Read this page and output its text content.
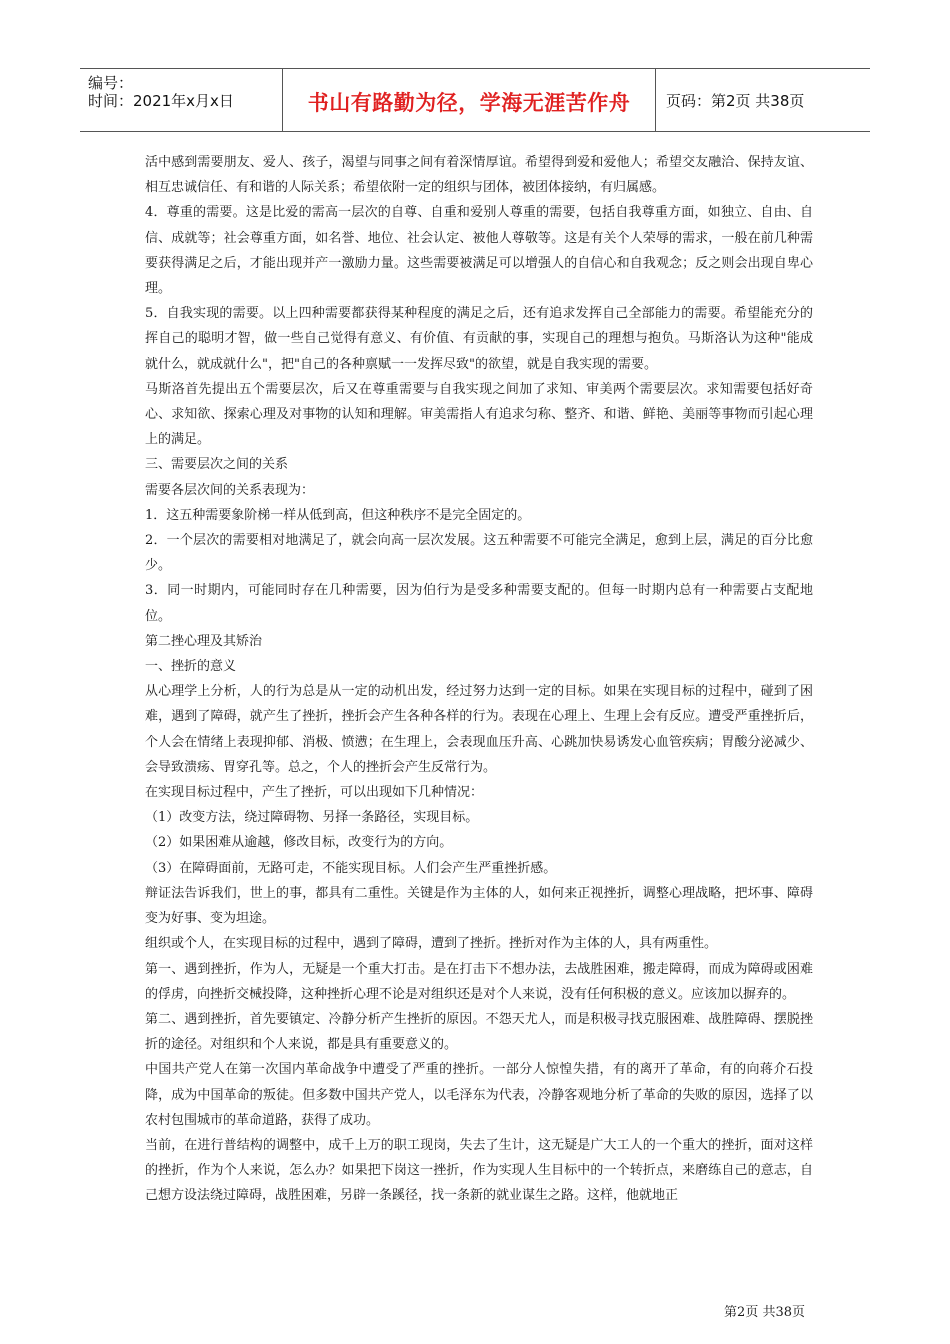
编号：
时间：2021年x月x日	书山有路勤为径，学海无涯苦作舟	页码：第2页 共38页

活中感到需要朋友、爱人、孩子，渴望与同事之间有着深情厚谊。希望得到爱和爱他人；希望交友融洽、保持友谊、相互忠诚信任、有和谐的人际关系；希望依附一定的组织与团体，被团体接纳，有归属感。

4．尊重的需要。这是比爱的需高一层次的自尊、自重和爱别人尊重的需要，包括自我尊重方面，如独立、自由、自信、成就等；社会尊重方面，如名誉、地位、社会认定、被他人尊敬等。这是有关个人荣辱的需求，一般在前几种需要获得满足之后，才能出现并产一激励力量。这些需要被满足可以增强人的自信心和自我观念；反之则会出现自卑心理。

5．自我实现的需要。以上四种需要都获得某种程度的满足之后，还有追求发挥自己全部能力的需要。希望能充分的挥自己的聪明才智，做一些自己觉得有意义、有价值、有贡献的事，实现自己的理想与抱负。马斯洛认为这种"能成就什么，就成就什么"，把"自己的各种禀赋一一发挥尽致"的欲望，就是自我实现的需要。

马斯洛首先提出五个需要层次，后又在尊重需要与自我实现之间加了求知、审美两个需要层次。求知需要包括好奇心、求知欲、探索心理及对事物的认知和理解。审美需指人有追求匀称、整齐、和谐、鲜艳、美丽等事物而引起心理上的满足。

三、需要层次之间的关系

需要各层次间的关系表现为：

1．这五种需要象阶梯一样从低到高，但这种秩序不是完全固定的。

2．一个层次的需要相对地满足了，就会向高一层次发展。这五种需要不可能完全满足，愈到上层，满足的百分比愈少。

3．同一时期内，可能同时存在几种需要，因为伯行为是受多种需要支配的。但每一时期内总有一种需要占支配地位。

第二挫心理及其矫治

一、挫折的意义

从心理学上分析，人的行为总是从一定的动机出发，经过努力达到一定的目标。如果在实现目标的过程中，碰到了困难，遇到了障碍，就产生了挫折，挫折会产生各种各样的行为。表现在心理上、生理上会有反应。遭受严重挫折后，个人会在情绪上表现抑郁、消极、愤懑；在生理上，会表现血压升高、心跳加快易诱发心血管疾病；胃酸分泌减少、会导致溃疡、胃穿孔等。总之，个人的挫折会产生反常行为。

在实现目标过程中，产生了挫折，可以出现如下几种情况：

（1）改变方法，绕过障碍物、另择一条路径，实现目标。

（2）如果困难从逾越，修改目标，改变行为的方向。

（3）在障碍面前，无路可走，不能实现目标。人们会产生严重挫折感。

辩证法告诉我们，世上的事，都具有二重性。关键是作为主体的人，如何来正视挫折，调整心理战略，把坏事、障碍变为好事、变为坦途。

组织或个人，在实现目标的过程中，遇到了障碍，遭到了挫折。挫折对作为主体的人，具有两重性。

第一、遇到挫折，作为人，无疑是一个重大打击。是在打击下不想办法，去战胜困难，搬走障碍，而成为障碍或困难的俘虏，向挫折交械投降，这种挫折心理不论是对组织还是对个人来说，没有任何积极的意义。应该加以摒弃的。

第二、遇到挫折，首先要镇定、冷静分析产生挫折的原因。不怨天尤人，而是积极寻找克服困难、战胜障碍、摆脱挫折的途径。对组织和个人来说，都是具有重要意义的。

中国共产党人在第一次国内革命战争中遭受了严重的挫折。一部分人惊惶失措，有的离开了革命，有的向蒋介石投降，成为中国革命的叛徒。但多数中国共产党人，以毛泽东为代表，冷静客观地分析了革命的失败的原因，选择了以农村包围城市的革命道路，获得了成功。

当前，在进行普结构的调整中，成千上万的职工现岗，失去了生计，这无疑是广大工人的一个重大的挫折，面对这样的挫折，作为个人来说，怎么办？如果把下岗这一挫折，作为实现人生目标中的一个转折点，来磨练自己的意志，自己想方设法绕过障碍，战胜困难，另辟一条蹊径，找一条新的就业谋生之路。这样，他就地正

第2页 共38页
